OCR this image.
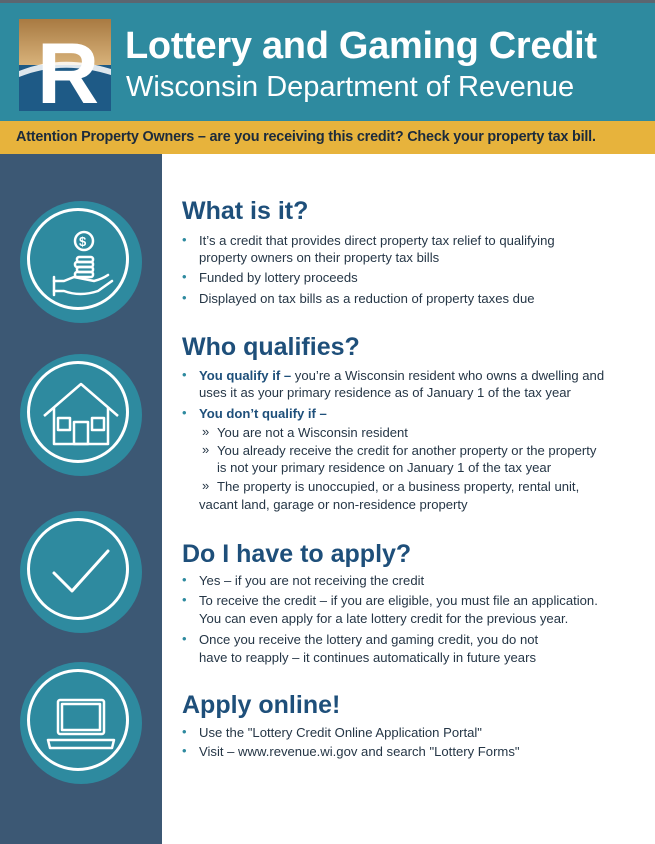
R Lottery and Gaming Credit
Wisconsin Department of Revenue
Attention Property Owners – are you receiving this credit? Check your property tax bill.
$
What is it?
• It’s a credit that provides direct property tax relief to qualifying
property owners on their property tax bills
• Funded by lottery proceeds
• Displayed on tax bills as a reduction of property taxes due
Who qualifies?
• You qualify if – you’re a Wisconsin resident who owns a dwelling and
uses it as your primary residence as of January 1 of the tax year
• You don’t qualify if –
» You are not a Wisconsin resident
» You already receive the credit for another property or the property
is not your primary residence on January 1 of the tax year
» The property is unoccupied, or a business property, rental unit,
vacant land, garage or non-residence property
Do I have to apply?
• Yes – if you are not receiving the credit
• To receive the credit – if you are eligible, you must file an application.
You can even apply for a late lottery credit for the previous year.
• Once you receive the lottery and gaming credit, you do not
have to reapply – it continues automatically in future years
Apply online!
• Use the "Lottery Credit Online Application Portal"
• Visit – www.revenue.wi.gov and search "Lottery Forms"
